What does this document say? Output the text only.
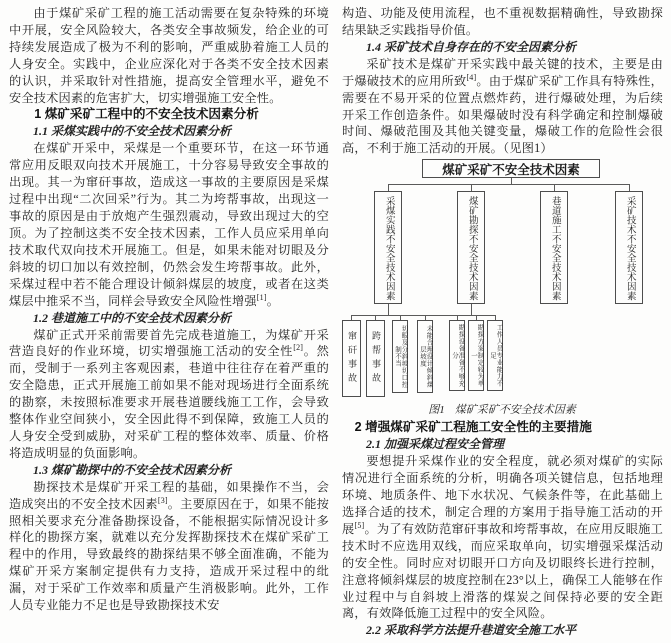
由于煤矿采矿工程的施工活动需要在复杂特殊的环境中开展，安全风险较大，各类安全事故频发，给企业的可持续发展造成了极为不利的影响，严重威胁着施工人员的人身安全。实践中，企业应深化对于各类不安全技术因素的认识，并采取针对性措施，提高安全管理水平，避免不安全技术因素的危害扩大，切实增强施工安全性。

1 煤矿采矿工程中的不安全技术因素分析
1.1 采煤实践中的不安全技术因素分析

在煤矿开采中，采煤是一个重要环节，在这一环节通常应用反眼双向技术开展施工，十分容易导致安全事故的出现。其一为窜矸事故，造成这一事故的主要原因是采煤过程中出现“二次回采”行为。其二为垮帮事故，出现这一事故的原因是由于放炮产生强烈震动，导致出现过大的空顶。为了控制这类不安全技术因素，工作人员应采用单向技术取代双向技术开展施工。但是，如果未能对切眼及分斜坡的切口加以有效控制，仍然会发生垮帮事故。此外，采煤过程中若不能合理设计倾斜煤层的坡度，或者在这类煤层中推采不当，同样会导致安全风险性增强[1]。

1.2 巷道施工中的不安全技术因素分析

煤矿正式开采前需要首先完成巷道施工，为煤矿开采营造良好的作业环境，切实增强施工活动的安全性[2]。然而，受制于一系列主客观因素，巷道中往往存在着严重的安全隐患，正式开展施工前如果不能对现场进行全面系统的勘察，未按照标准要求开展巷道腰线施工工作，会导致整体作业空间狭小，安全因此得不到保障，致施工人员的人身安全受到威胁，对采矿工程的整体效率、质量、价格将造成明显的负面影响。

1.3 煤矿勘探中的不安全技术因素分析

勘探技术是煤矿开采工程的基础，如果操作不当，会造成突出的不安全技术因素[3]。主要原因在于，如果不能按照相关要求充分准备勘探设备，不能根据实际情况设计多样化的勘探方案，就难以充分发挥勘探技术在煤矿采矿工程中的作用，导致最终的勘探结果不够全面准确，不能为煤矿开采方案制定提供有力支持，造成开采过程中的纰漏，对于采矿工作效率和质量产生消极影响。此外，工作人员专业能力不足也是导致勘探技术安

构造、功能及使用流程，也不重视数据精确性，导致勘探结果缺乏实践指导价值。

1.4 采矿技术自身存在的不安全因素分析

采矿技术是煤矿开采实践中最关键的技术，主要是由于爆破技术的应用所致[4]。由于煤矿采矿工作具有特殊性，需要在不易开采的位置点燃炸药，进行爆破处理，为后续开采工作创造条件。如果爆破时没有科学确定和控制爆破时间、爆破范围及其他关键变量，爆破工作的危险性会很高，不利于施工活动的开展。（见图1）

煤矿采矿不安全技术因素
采煤实践不安全技术因素	煤矿勘探不安全技术因素	巷道施工不安全技术因素	采矿技术不安全技术因素
窜矸事故	跨帮事故	切眼及分斜坡切口控制不当	未能合理设计倾斜煤层坡度	勘探设备准备不够充分	勘探方案制定较为单一	工作人员专业能力不足
图1 煤矿采矿不安全技术因素
2 增强煤矿采矿工程施工安全性的主要措施
2.1 加强采煤过程安全管理

要想提升采煤作业的安全程度，就必须对煤矿的实际情况进行全面系统的分析，明确各项关键信息，包括地理环境、地质条件、地下水状况、气候条件等，在此基础上选择合适的技术，制定合理的方案用于指导施工活动的开展[5]。为了有效防范窜矸事故和垮帮事故，在应用反眼施工技术时不应选用双线，而应采取单向，切实增强采煤活动的安全性。同时应对切眼开口方向及切眼终长进行控制，注意将倾斜煤层的坡度控制在23°以上，确保工人能够在作业过程中与自斜坡上滑落的煤炭之间保持必要的安全距离，有效降低施工过程中的安全风险。

2.2 采取科学方法提升巷道安全施工水平
